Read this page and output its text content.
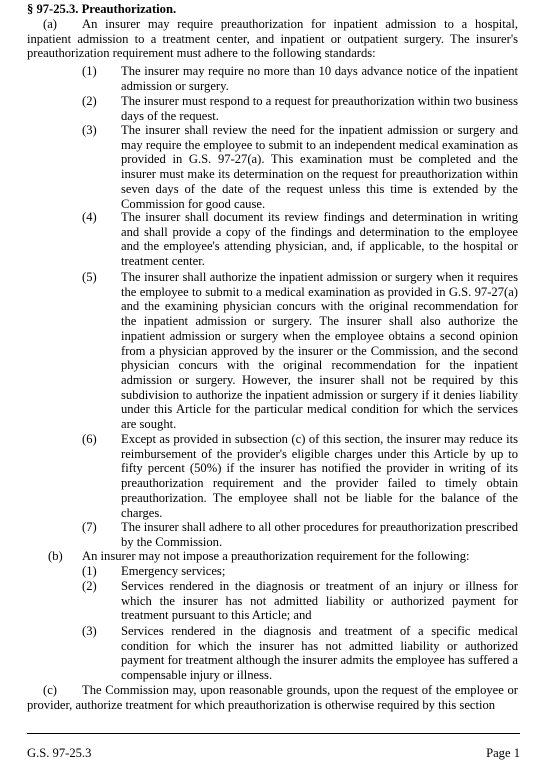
§ 97-25.3. Preauthorization.
(a) An insurer may require preauthorization for inpatient admission to a hospital, inpatient admission to a treatment center, and inpatient or outpatient surgery. The insurer's preauthorization requirement must adhere to the following standards:
(1) The insurer may require no more than 10 days advance notice of the inpatient admission or surgery.
(2) The insurer must respond to a request for preauthorization within two business days of the request.
(3) The insurer shall review the need for the inpatient admission or surgery and may require the employee to submit to an independent medical examination as provided in G.S. 97-27(a). This examination must be completed and the insurer must make its determination on the request for preauthorization within seven days of the date of the request unless this time is extended by the Commission for good cause.
(4) The insurer shall document its review findings and determination in writing and shall provide a copy of the findings and determination to the employee and the employee's attending physician, and, if applicable, to the hospital or treatment center.
(5) The insurer shall authorize the inpatient admission or surgery when it requires the employee to submit to a medical examination as provided in G.S. 97-27(a) and the examining physician concurs with the original recommendation for the inpatient admission or surgery. The insurer shall also authorize the inpatient admission or surgery when the employee obtains a second opinion from a physician approved by the insurer or the Commission, and the second physician concurs with the original recommendation for the inpatient admission or surgery. However, the insurer shall not be required by this subdivision to authorize the inpatient admission or surgery if it denies liability under this Article for the particular medical condition for which the services are sought.
(6) Except as provided in subsection (c) of this section, the insurer may reduce its reimbursement of the provider's eligible charges under this Article by up to fifty percent (50%) if the insurer has notified the provider in writing of its preauthorization requirement and the provider failed to timely obtain preauthorization. The employee shall not be liable for the balance of the charges.
(7) The insurer shall adhere to all other procedures for preauthorization prescribed by the Commission.
(b) An insurer may not impose a preauthorization requirement for the following:
(1) Emergency services;
(2) Services rendered in the diagnosis or treatment of an injury or illness for which the insurer has not admitted liability or authorized payment for treatment pursuant to this Article; and
(3) Services rendered in the diagnosis and treatment of a specific medical condition for which the insurer has not admitted liability or authorized payment for treatment although the insurer admits the employee has suffered a compensable injury or illness.
(c) The Commission may, upon reasonable grounds, upon the request of the employee or provider, authorize treatment for which preauthorization is otherwise required by this section
G.S. 97-25.3	Page 1
